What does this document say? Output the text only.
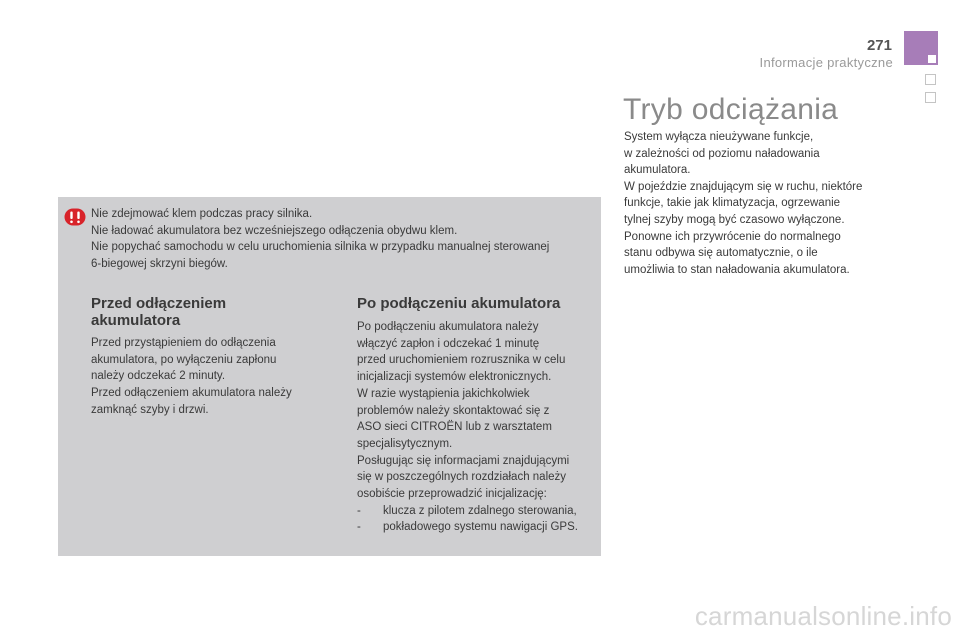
271
Informacje praktyczne
Tryb odciążania

System wyłącza nieużywane funkcje,

w zależności od poziomu naładowania

akumulatora.

W pojeździe znajdującym się w ruchu, niektóre

funkcje, takie jak klimatyzacja, ogrzewanie

tylnej szyby mogą być czasowo wyłączone.

Ponowne ich przywrócenie do normalnego

stanu odbywa się automatycznie, o ile

umożliwia to stan naładowania akumulatora.

Nie zdejmować klem podczas pracy silnika.

Nie ładować akumulatora bez wcześniejszego odłączenia obydwu klem.

Nie popychać samochodu w celu uruchomienia silnika w przypadku manualnej sterowanej

6-biegowej skrzyni biegów.

Przed odłączeniem
akumulatora

Przed przystąpieniem do odłączenia

akumulatora, po wyłączeniu zapłonu

należy odczekać 2 minuty.

Przed odłączeniem akumulatora należy

zamknąć szyby i drzwi.

Po podłączeniu akumulatora

Po podłączeniu akumulatora należy

włączyć zapłon i odczekać 1 minutę

przed uruchomieniem rozrusznika w celu

inicjalizacji systemów elektronicznych.

W razie wystąpienia jakichkolwiek

problemów należy skontaktować się z

ASO sieci CITROËN lub z warsztatem

specjalisytycznym.

Posługując się informacjami znajdującymi

się w poszczególnych rozdziałach należy

osobiście przeprowadzić inicjalizację:

-	klucza z pilotem zdalnego sterowania,
-	pokładowego systemu nawigacji GPS.
carmanualsonline.info
